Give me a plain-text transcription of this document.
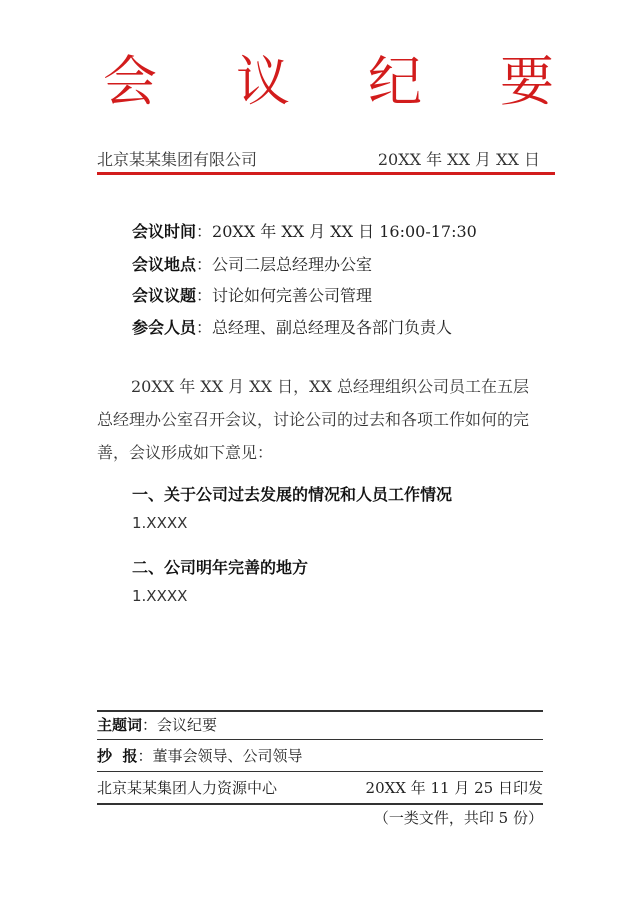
会 议 纪 要
北京某某集团有限公司	20XX 年 XX 月 XX 日
会议时间：20XX 年 XX 月 XX 日 16:00-17:30
会议地点：公司二层总经理办公室
会议议题：讨论如何完善公司管理
参会人员：总经理、副总经理及各部门负责人
20XX 年 XX 月 XX 日，XX 总经理组织公司员工在五层总经理办公室召开会议，讨论公司的过去和各项工作如何的完善，会议形成如下意见：
一、关于公司过去发展的情况和人员工作情况
1.XXXX
二、公司明年完善的地方
1.XXXX
主题词：会议纪要
抄  报：董事会领导、公司领导
北京某某集团人力资源中心	20XX 年 11 月 25 日印发
（一类文件，共印 5 份）
